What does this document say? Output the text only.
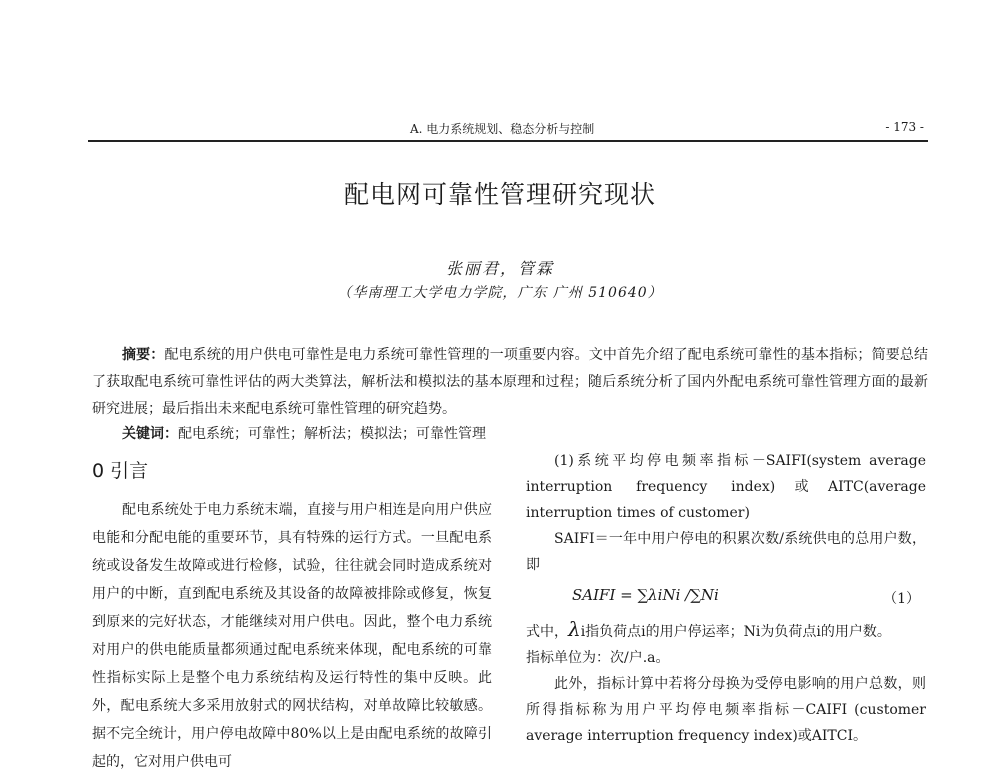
A. 电力系统规划、稳态分析与控制	- 173 -
配电网可靠性管理研究现状
张丽君，管霖
（华南理工大学电力学院，广东 广州 510640）
摘要：配电系统的用户供电可靠性是电力系统可靠性管理的一项重要内容。文中首先介绍了配电系统可靠性的基本指标；简要总结了获取配电系统可靠性评估的两大类算法，解析法和模拟法的基本原理和过程；随后系统分析了国内外配电系统可靠性管理方面的最新研究进展；最后指出未来配电系统可靠性管理的研究趋势。
关键词：配电系统；可靠性；解析法；模拟法；可靠性管理
0 引言
配电系统处于电力系统末端，直接与用户相连是向用户供应电能和分配电能的重要环节，具有特殊的运行方式。一旦配电系统或设备发生故障或进行检修，试验，往往就会同时造成系统对用户的中断，直到配电系统及其设备的故障被排除或修复，恢复到原来的完好状态，才能继续对用户供电。因此，整个电力系统对用户的供电能质量都须通过配电系统来体现，配电系统的可靠性指标实际上是整个电力系统结构及运行特性的集中反映。此外，配电系统大多采用放射式的网状结构，对单故障比较敏感。据不完全统计，用户停电故障中80%以上是由配电系统的故障引起的，它对用户供电可

(1)系统平均停电频率指标－SAIFI(system average interruption frequency index)或AITC(average interruption times of customer)

SAIFI＝一年中用户停电的积累次数/系统供电的总用户数，即

SAIFI = ∑λiNi /∑Ni	（1）

式中，λi指负荷点i的用户停运率；Ni为负荷点i的用户数。

指标单位为：次/户.a。

此外，指标计算中若将分母换为受停电影响的用户总数，则所得指标称为用户平均停电频率指标－CAIFI (customer average interruption frequency index)或AITCI。
